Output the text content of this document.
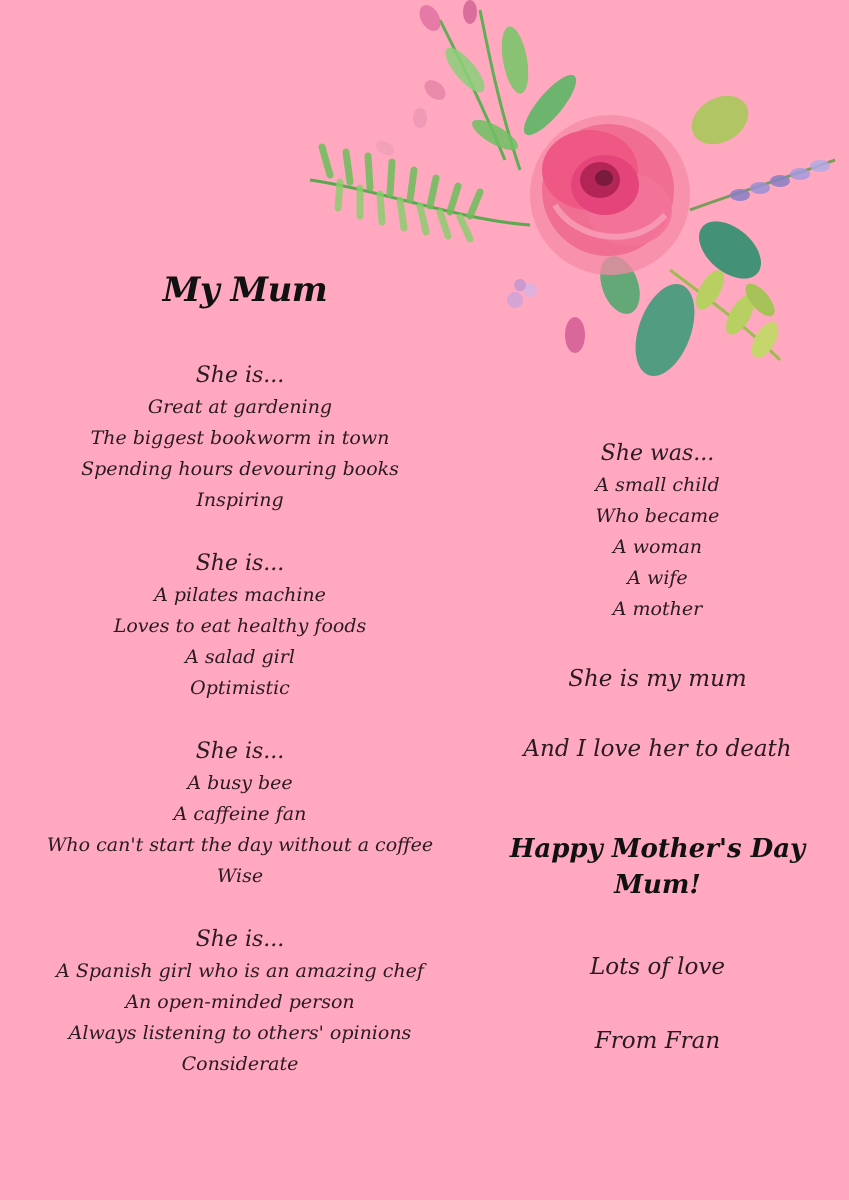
My Mum
She is...
Great at gardening
The biggest bookworm in town
Spending hours devouring books
Inspiring
She is...
A pilates machine
Loves to eat healthy foods
A salad girl
Optimistic
She is...
A busy bee
A caffeine fan
Who can't start the day without a coffee
Wise
She is...
A Spanish girl who is an amazing chef
An open-minded person
Always listening to others' opinions
Considerate
She was...
A small child
Who became
A woman
A wife
A mother
She is my mum
And I love her to death
Happy Mother's Day
Mum!
Lots of love
From Fran
